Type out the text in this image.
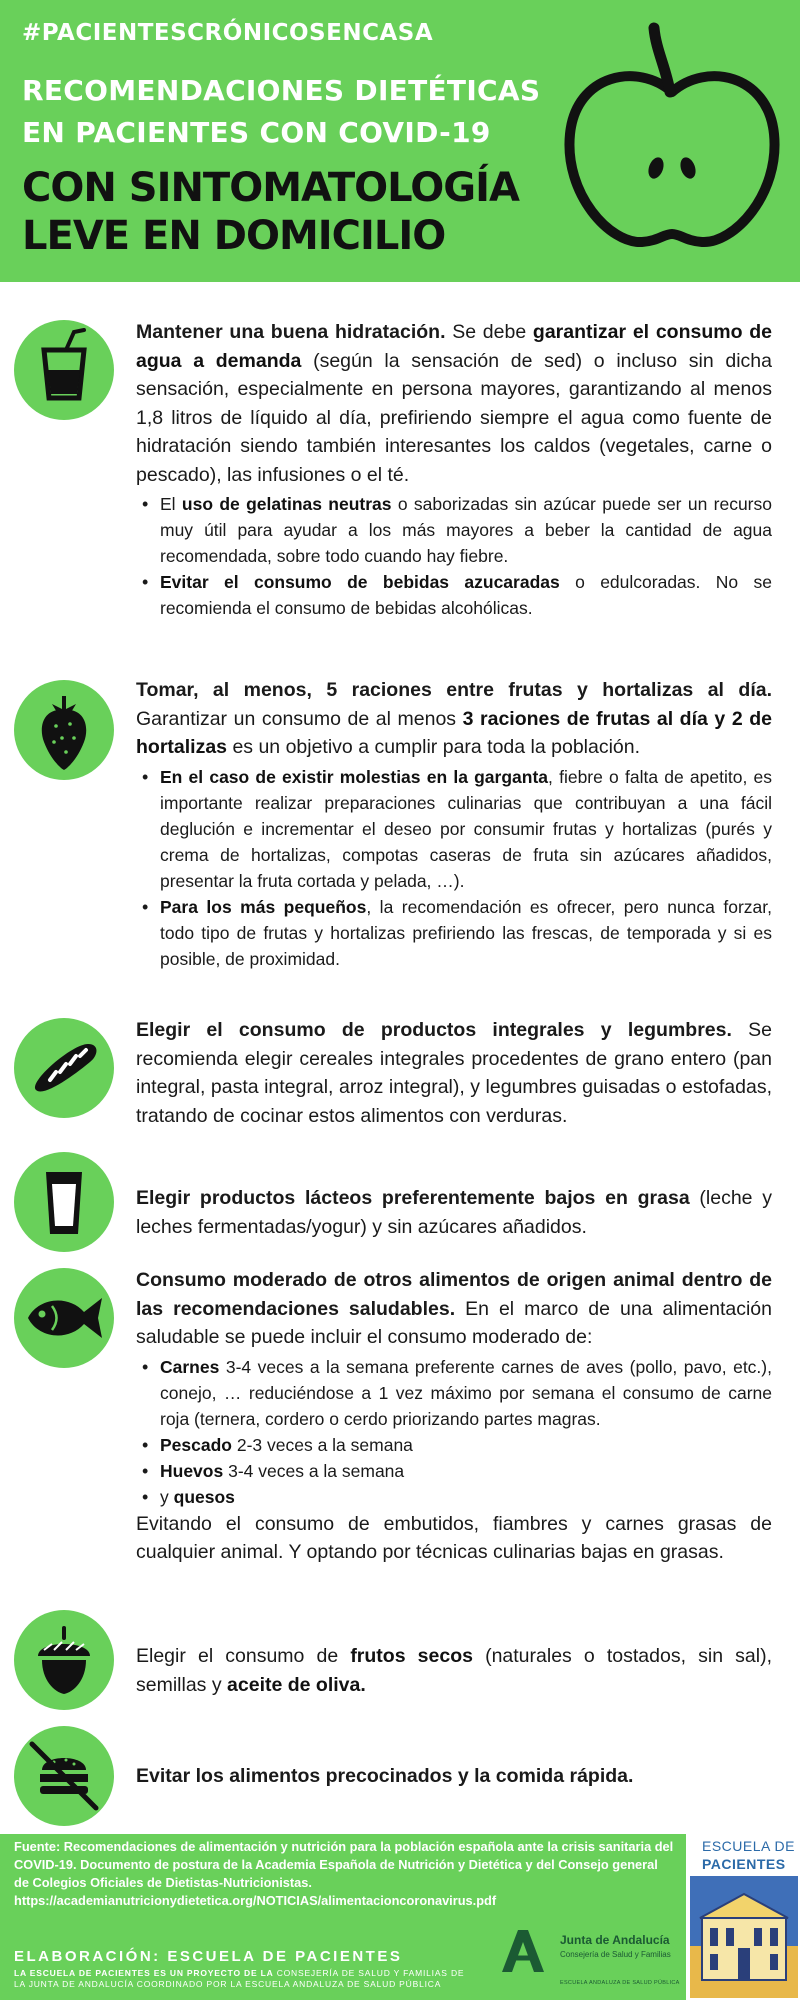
#PACIENTESCRÓNICOSENCASA
RECOMENDACIONES DIETÉTICAS
EN PACIENTES CON COVID-19
CON SINTOMATOLOGÍA
LEVE EN DOMICILIO
Mantener una buena hidratación. Se debe garantizar el consumo de agua a demanda (según la sensación de sed) o incluso sin dicha sensación, especialmente en persona mayores, garantizando al menos 1,8 litros de líquido al día, prefiriendo siempre el agua como fuente de hidratación siendo también interesantes los caldos (vegetales, carne o pescado), las infusiones o el té.
• El uso de gelatinas neutras o saborizadas sin azúcar puede ser un recurso muy útil para ayudar a los más mayores a beber la cantidad de agua recomendada, sobre todo cuando hay fiebre.
• Evitar el consumo de bebidas azucaradas o edulcoradas. No se recomienda el consumo de bebidas alcohólicas.
Tomar, al menos, 5 raciones entre frutas y hortalizas al día. Garantizar un consumo de al menos 3 raciones de frutas al día y 2 de hortalizas es un objetivo a cumplir para toda la población.
• En el caso de existir molestias en la garganta, fiebre o falta de apetito, es importante realizar preparaciones culinarias que contribuyan a una fácil deglución e incrementar el deseo por consumir frutas y hortalizas (purés y crema de hortalizas, compotas caseras de fruta sin azúcares añadidos, presentar la fruta cortada y pelada, …).
• Para los más pequeños, la recomendación es ofrecer, pero nunca forzar, todo tipo de frutas y hortalizas prefiriendo las frescas, de temporada y si es posible, de proximidad.
Elegir el consumo de productos integrales y legumbres. Se recomienda elegir cereales integrales procedentes de grano entero (pan integral, pasta integral, arroz integral), y legumbres guisadas o estofadas, tratando de cocinar estos alimentos con verduras.
Elegir productos lácteos preferentemente bajos en grasa (leche y leches fermentadas/yogur) y sin azúcares añadidos.
Consumo moderado de otros alimentos de origen animal dentro de las recomendaciones saludables. En el marco de una alimentación saludable se puede incluir el consumo moderado de:
• Carnes 3-4 veces a la semana preferente carnes de aves (pollo, pavo, etc.), conejo, … reduciéndose a 1 vez máximo por semana el consumo de carne roja (ternera, cordero o cerdo priorizando partes magras.
• Pescado 2-3 veces a la semana
• Huevos 3-4 veces a la semana
• y quesos
Evitando el consumo de embutidos, fiambres y carnes grasas de cualquier animal. Y optando por técnicas culinarias bajas en grasas.
Elegir el consumo de frutos secos (naturales o tostados, sin sal), semillas y aceite de oliva.
Evitar los alimentos precocinados y la comida rápida.
Fuente: Recomendaciones de alimentación y nutrición para la población española ante la crisis sanitaria del COVID-19. Documento de postura de la Academia Española de Nutrición y Dietética y del Consejo general de Colegios Oficiales de Dietistas-Nutricionistas.
https://academianutricionydietetica.org/NOTICIAS/alimentacioncoronavirus.pdf
ELABORACIÓN: ESCUELA DE PACIENTES
LA ESCUELA DE PACIENTES ES UN PROYECTO DE LA CONSEJERÍA DE SALUD Y FAMILIAS DE LA JUNTA DE ANDALUCÍA COORDINADO POR LA ESCUELA ANDALUZA DE SALUD PÚBLICA
Junta de Andalucía
Consejería de Salud y Familias
ESCUELA ANDALUZA DE SALUD PÚBLICA
ESCUELA DE
PACIENTES
